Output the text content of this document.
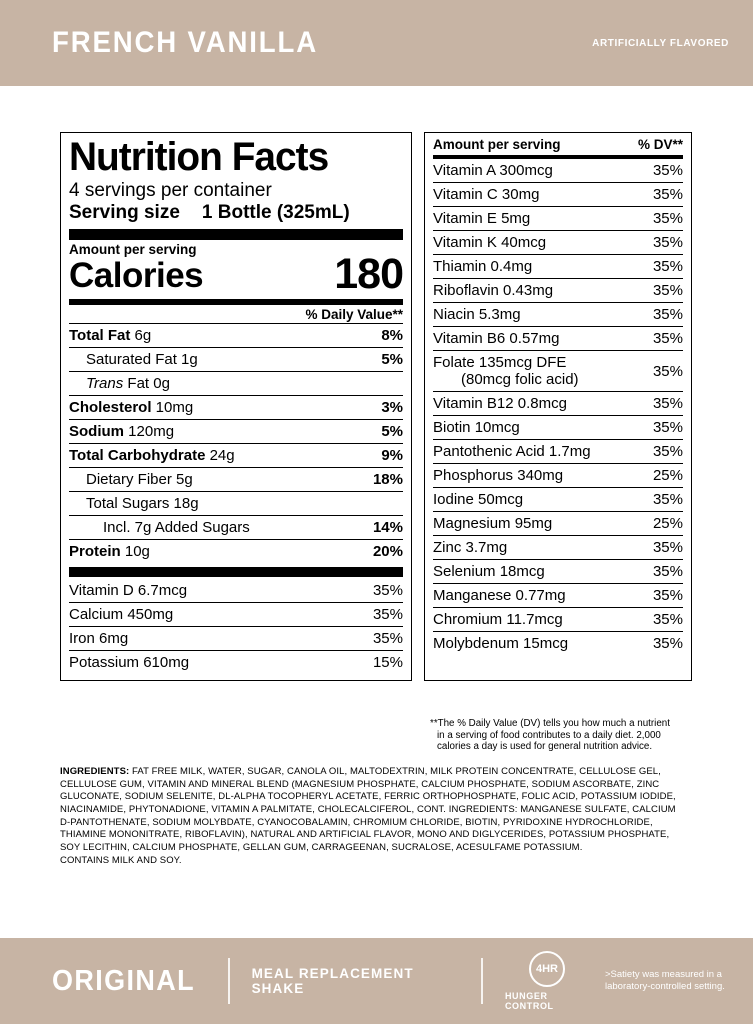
FRENCH VANILLA	ARTIFICIALLY FLAVORED
Nutrition Facts
4 servings per container
Serving size 1 Bottle (325mL)
Amount per serving
Calories	180
% Daily Value**
Total Fat 6g	8%
Saturated Fat 1g	5%
Trans Fat 0g	
Cholesterol 10mg	3%
Sodium 120mg	5%
Total Carbohydrate 24g	9%
Dietary Fiber 5g	18%
Total Sugars 18g	
Incl. 7g Added Sugars	14%
Protein 10g	20%
Vitamin D 6.7mcg	35%
Calcium 450mg	35%
Iron 6mg	35%
Potassium 610mg	15%
Amount per serving	% DV**
Vitamin A 300mcg	35%
Vitamin C 30mg	35%
Vitamin E 5mg	35%
Vitamin K 40mcg	35%
Thiamin 0.4mg	35%
Riboflavin 0.43mg	35%
Niacin 5.3mg	35%
Vitamin B6 0.57mg	35%
Folate 135mcg DFE
(80mcg folic acid)	35%
Vitamin B12 0.8mcg	35%
Biotin 10mcg	35%
Pantothenic Acid 1.7mg	35%
Phosphorus 340mg	25%
Iodine 50mcg	35%
Magnesium 95mg	25%
Zinc 3.7mg	35%
Selenium 18mcg	35%
Manganese 0.77mg	35%
Chromium 11.7mcg	35%
Molybdenum 15mcg	35%
**The % Daily Value (DV) tells you how much a nutrient
in a serving of food contributes to a daily diet. 2,000
calories a day is used for general nutrition advice.
INGREDIENTS: FAT FREE MILK, WATER, SUGAR, CANOLA OIL, MALTODEXTRIN, MILK PROTEIN CONCENTRATE, CELLULOSE GEL, CELLULOSE GUM, VITAMIN AND MINERAL BLEND (MAGNESIUM PHOSPHATE, CALCIUM PHOSPHATE, SODIUM ASCORBATE, ZINC GLUCONATE, SODIUM SELENITE, DL-ALPHA TOCOPHERYL ACETATE, FERRIC ORTHOPHOSPHATE, FOLIC ACID, POTASSIUM IODIDE, NIACINAMIDE, PHYTONADIONE, VITAMIN A PALMITATE, CHOLECALCIFEROL, CONT. INGREDIENTS: MANGANESE SULFATE, CALCIUM D-PANTOTHENATE, SODIUM MOLYBDATE, CYANOCOBALAMIN, CHROMIUM CHLORIDE, BIOTIN, PYRIDOXINE HYDROCHLORIDE, THIAMINE MONONITRATE, RIBOFLAVIN), NATURAL AND ARTIFICIAL FLAVOR, MONO AND DIGLYCERIDES, POTASSIUM PHOSPHATE, SOY LECITHIN, CALCIUM PHOSPHATE, GELLAN GUM, CARRAGEENAN, SUCRALOSE, ACESULFAME POTASSIUM.
CONTAINS MILK AND SOY.
ORIGINAL	MEAL REPLACEMENT SHAKE
4HR
HUNGER CONTROL
>Satiety was measured in a laboratory-controlled setting.
